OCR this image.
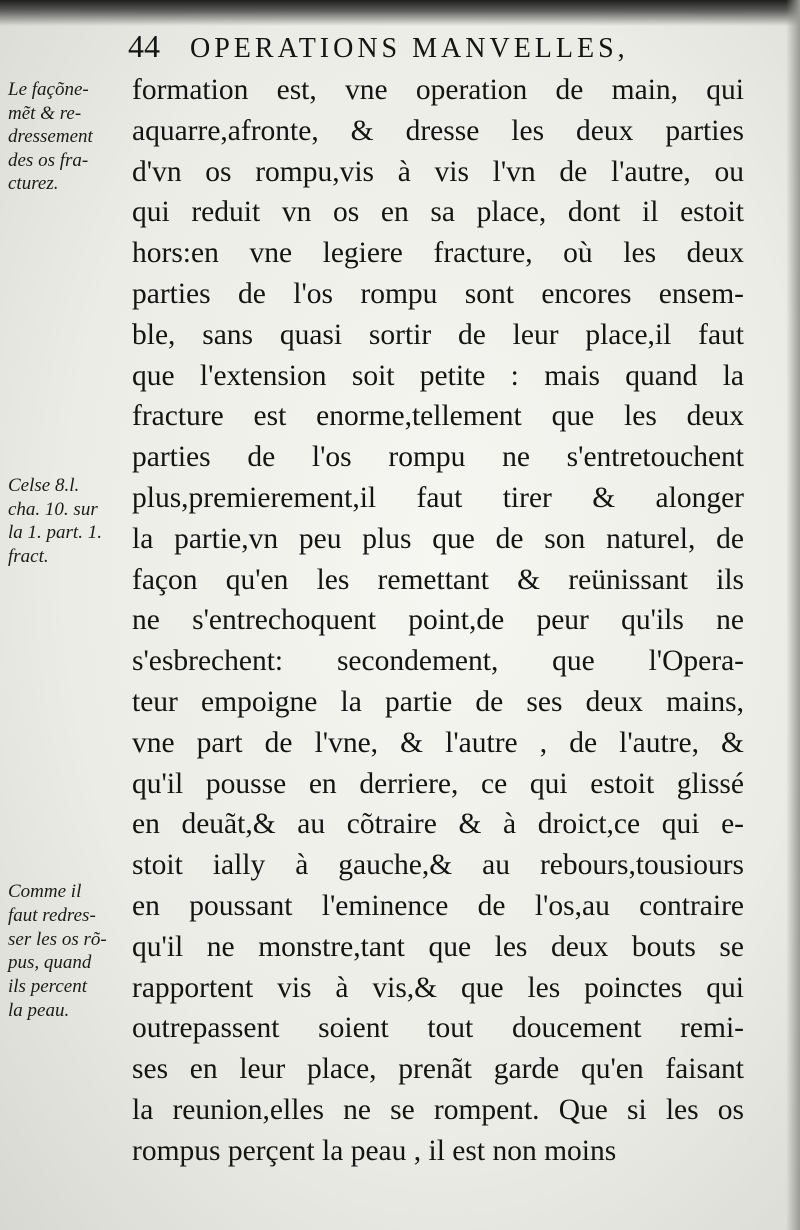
44 OPERATIONS MANVELLES,
Le façõne-
mẽt & re-
dressement
des os fra-
cturez.
Celse 8.l.
cha. 10. sur
la 1. part. 1.
fract.
Comme il
faut redres-
ser les os rõ-
pus, quand
ils percent
la peau.
formation est, vne operation de main, qui
aquarre,afronte, & dresse les deux parties
d'vn os rompu,vis à vis l'vn de l'autre, ou
qui reduit vn os en sa place, dont il estoit
hors:en vne legiere fracture, où les deux
parties de l'os rompu sont encores ensem-
ble, sans quasi sortir de leur place,il faut
que l'extension soit petite : mais quand la
fracture est enorme,tellement que les deux
parties de l'os rompu ne s'entretouchent
plus,premierement,il faut tirer & alonger
la partie,vn peu plus que de son naturel, de
façon qu'en les remettant & reünissant ils
ne s'entrechoquent point,de peur qu'ils ne
s'esbrechent: secondement, que l'Opera-
teur empoigne la partie de ses deux mains,
vne part de l'vne, & l'autre , de l'autre, &
qu'il pousse en derriere, ce qui estoit glissé
en deuãt,& au cõtraire & à droict,ce qui e-
stoit ially à gauche,& au rebours,tousiours
en poussant l'eminence de l'os,au contraire
qu'il ne monstre,tant que les deux bouts se
rapportent vis à vis,& que les poinctes qui
outrepassent soient tout doucement remi-
ses en leur place, prenãt garde qu'en faisant
la reunion,elles ne se rompent. Que si les os
rompus perçent la peau , il est non moins
